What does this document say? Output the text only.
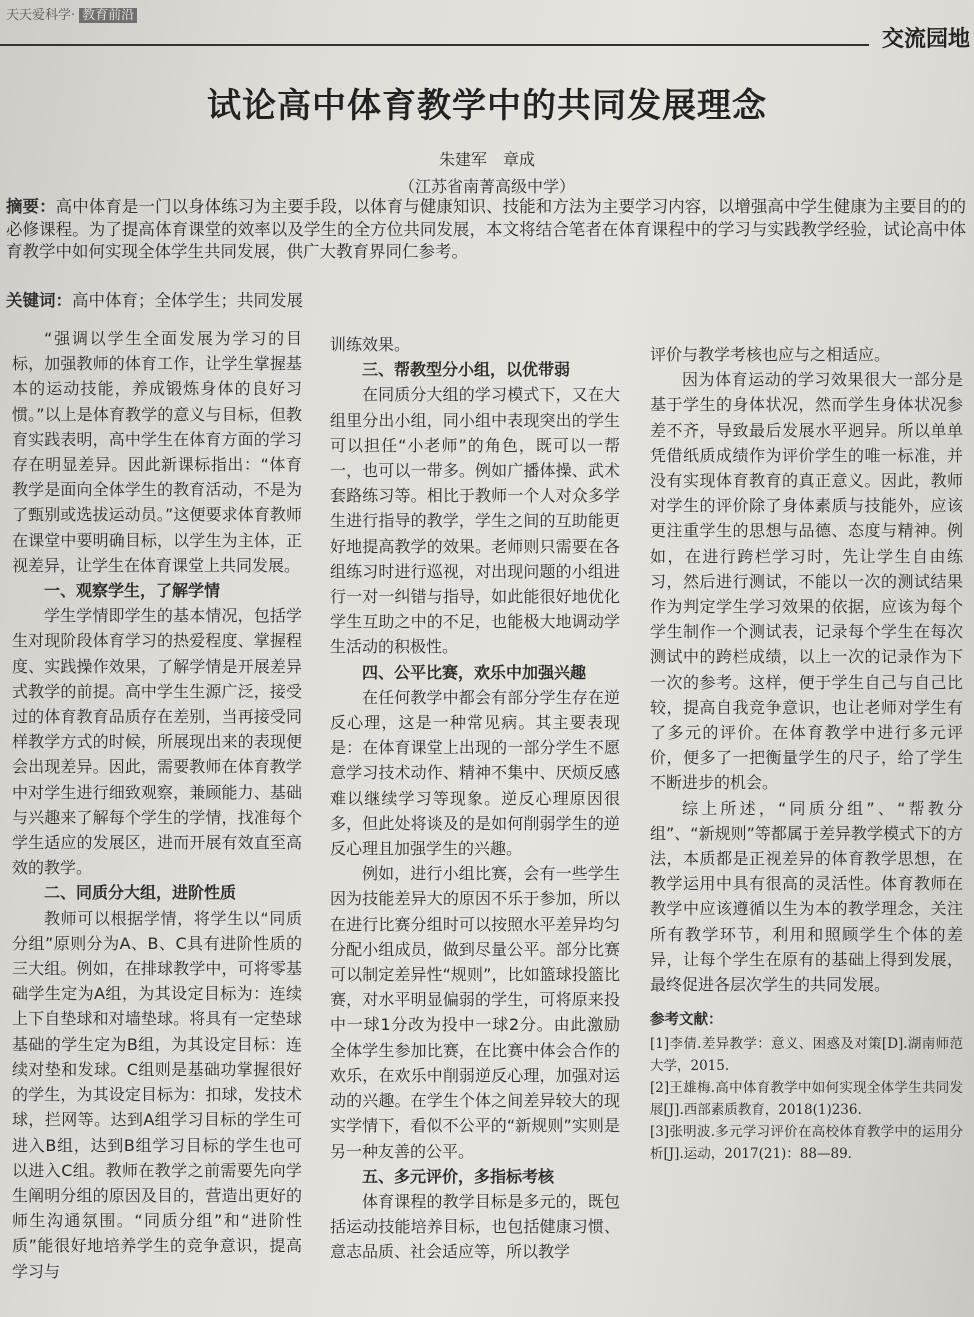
天天爱科学· 教育前沿
交流园地
试论高中体育教学中的共同发展理念
朱建军　章成
（江苏省南菁高级中学）
摘要：高中体育是一门以身体练习为主要手段，以体育与健康知识、技能和方法为主要学习内容，以增强高中学生健康为主要目的的必修课程。为了提高体育课堂的效率以及学生的全方位共同发展，本文将结合笔者在体育课程中的学习与实践教学经验，试论高中体育教学中如何实现全体学生共同发展，供广大教育界同仁参考。
关键词：高中体育；全体学生；共同发展

“强调以学生全面发展为学习的目标，加强教师的体育工作，让学生掌握基本的运动技能，养成锻炼身体的良好习惯。”以上是体育教学的意义与目标，但教育实践表明，高中学生在体育方面的学习存在明显差异。因此新课标指出：“体育教学是面向全体学生的教育活动，不是为了甄别或选拔运动员。”这便要求体育教师在课堂中要明确目标，以学生为主体，正视差异，让学生在体育课堂上共同发展。

一、观察学生，了解学情

学生学情即学生的基本情况，包括学生对现阶段体育学习的热爱程度、掌握程度、实践操作效果，了解学情是开展差异式教学的前提。高中学生生源广泛，接受过的体育教育品质存在差别，当再接受同样教学方式的时候，所展现出来的表现便会出现差异。因此，需要教师在体育教学中对学生进行细致观察，兼顾能力、基础与兴趣来了解每个学生的学情，找准每个学生适应的发展区，进而开展有效直至高效的教学。

二、同质分大组，进阶性质

教师可以根据学情，将学生以“同质分组”原则分为A、B、C具有进阶性质的三大组。例如，在排球教学中，可将零基础学生定为A组，为其设定目标为：连续上下自垫球和对墙垫球。将具有一定垫球基础的学生定为B组，为其设定目标：连续对垫和发球。C组则是基础功掌握很好的学生，为其设定目标为：扣球，发技术球，拦网等。达到A组学习目标的学生可进入B组，达到B组学习目标的学生也可以进入C组。教师在教学之前需要先向学生阐明分组的原因及目的，营造出更好的师生沟通氛围。“同质分组”和“进阶性质”能很好地培养学生的竞争意识，提高学习与

训练效果。

三、帮教型分小组，以优带弱

在同质分大组的学习模式下，又在大组里分出小组，同小组中表现突出的学生可以担任“小老师”的角色，既可以一帮一，也可以一带多。例如广播体操、武术套路练习等。相比于教师一个人对众多学生进行指导的教学，学生之间的互助能更好地提高教学的效果。老师则只需要在各组练习时进行巡视，对出现问题的小组进行一对一纠错与指导，如此能很好地优化学生互助之中的不足，也能极大地调动学生活动的积极性。

四、公平比赛，欢乐中加强兴趣

在任何教学中都会有部分学生存在逆反心理，这是一种常见病。其主要表现是：在体育课堂上出现的一部分学生不愿意学习技术动作、精神不集中、厌烦反感难以继续学习等现象。逆反心理原因很多，但此处将谈及的是如何削弱学生的逆反心理且加强学生的兴趣。

例如，进行小组比赛，会有一些学生因为技能差异大的原因不乐于参加，所以在进行比赛分组时可以按照水平差异均匀分配小组成员，做到尽量公平。部分比赛可以制定差异性“规则”，比如篮球投篮比赛，对水平明显偏弱的学生，可将原来投中一球1分改为投中一球2分。由此激励全体学生参加比赛，在比赛中体会合作的欢乐，在欢乐中削弱逆反心理，加强对运动的兴趣。在学生个体之间差异较大的现实学情下，看似不公平的“新规则”实则是另一种友善的公平。

五、多元评价，多指标考核

体育课程的教学目标是多元的，既包括运动技能培养目标，也包括健康习惯、意志品质、社会适应等，所以教学

评价与教学考核也应与之相适应。

因为体育运动的学习效果很大一部分是基于学生的身体状况，然而学生身体状况参差不齐，导致最后发展水平迥异。所以单单凭借纸质成绩作为评价学生的唯一标准，并没有实现体育教育的真正意义。因此，教师对学生的评价除了身体素质与技能外，应该更注重学生的思想与品德、态度与精神。例如，在进行跨栏学习时，先让学生自由练习，然后进行测试，不能以一次的测试结果作为判定学生学习效果的依据，应该为每个学生制作一个测试表，记录每个学生在每次测试中的跨栏成绩，以上一次的记录作为下一次的参考。这样，便于学生自己与自己比较，提高自我竞争意识，也让老师对学生有了多元的评价。在体育教学中进行多元评价，便多了一把衡量学生的尺子，给了学生不断进步的机会。

综上所述，“同质分组”、“帮教分组”、“新规则”等都属于差异教学模式下的方法，本质都是正视差异的体育教学思想，在教学运用中具有很高的灵活性。体育教师在教学中应该遵循以生为本的教学理念，关注所有教学环节，利用和照顾学生个体的差异，让每个学生在原有的基础上得到发展，最终促进各层次学生的共同发展。

参考文献：
[1]李倩.差异教学：意义、困惑及对策[D].湖南师范大学，2015.
[2]王雄梅.高中体育教学中如何实现全体学生共同发展[J].西部素质教育，2018(1)236.
[3]张明波.多元学习评价在高校体育教学中的运用分析[J].运动，2017(21)：88—89.
